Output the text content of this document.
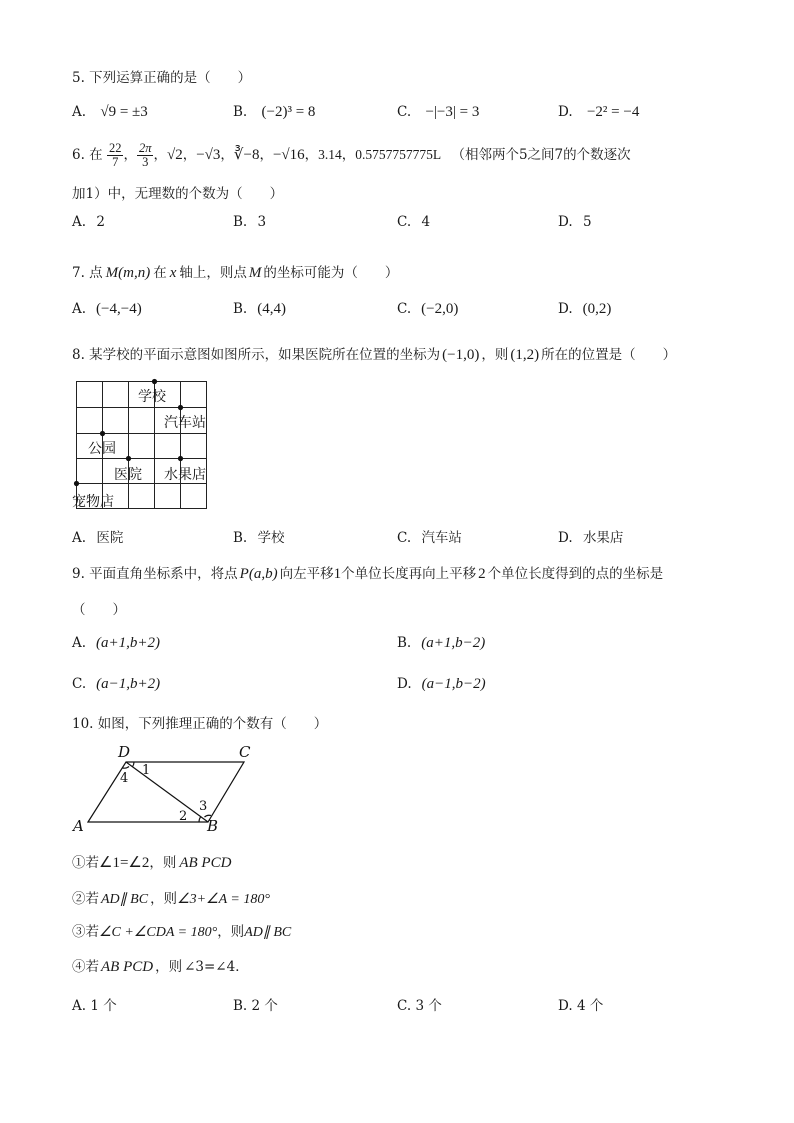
5. 下列运算正确的是（　　）
A. √9 = ±3	B. (−2)³ = 8	C. −|−3| = 3	D. −2² = −4
6. 在 $\frac{22}{7}$ ， $\frac{2\pi}{3}$ ，√2，−√3，∛−8，−√16，3.14，0.5757757775L （相邻两个5之间7的个数逐次
加1）中，无理数的个数为（　　）
A. 2	B. 3	C. 4	D. 5
7. 点 M(m,n) 在 x 轴上，则点 M 的坐标可能为（　　）
A. (−4,−4)	B. (4,4)	C. (−2,0)	D. (0,2)
8. 某学校的平面示意图如图所示，如果医院所在位置的坐标为 (−1,0) ，则 (1,2) 所在的位置是（　　）
学校
汽车站
公园
医院 水果店
宠物店
A. 医院	B. 学校	C. 汽车站	D. 水果店
9. 平面直角坐标系中，将点 P(a,b) 向左平移1个单位长度再向上平移 2 个单位长度得到的点的坐标是
（　　）
A. (a+1,b+2)	B. (a+1,b−2)
C. (a−1,b+2)	D. (a−1,b−2)
10. 如图，下列推理正确的个数有（　　）
D	C
A	B
1
4
2
3
①若∠1=∠2，则 AB PCD
②若 AD∥ BC ，则∠3+∠A = 180°
③若∠C +∠CDA = 180°，则AD∥ BC
④若 AB PCD ，则 ∠3=∠4．
A. 1 个	B. 2 个	C. 3 个	D. 4 个
